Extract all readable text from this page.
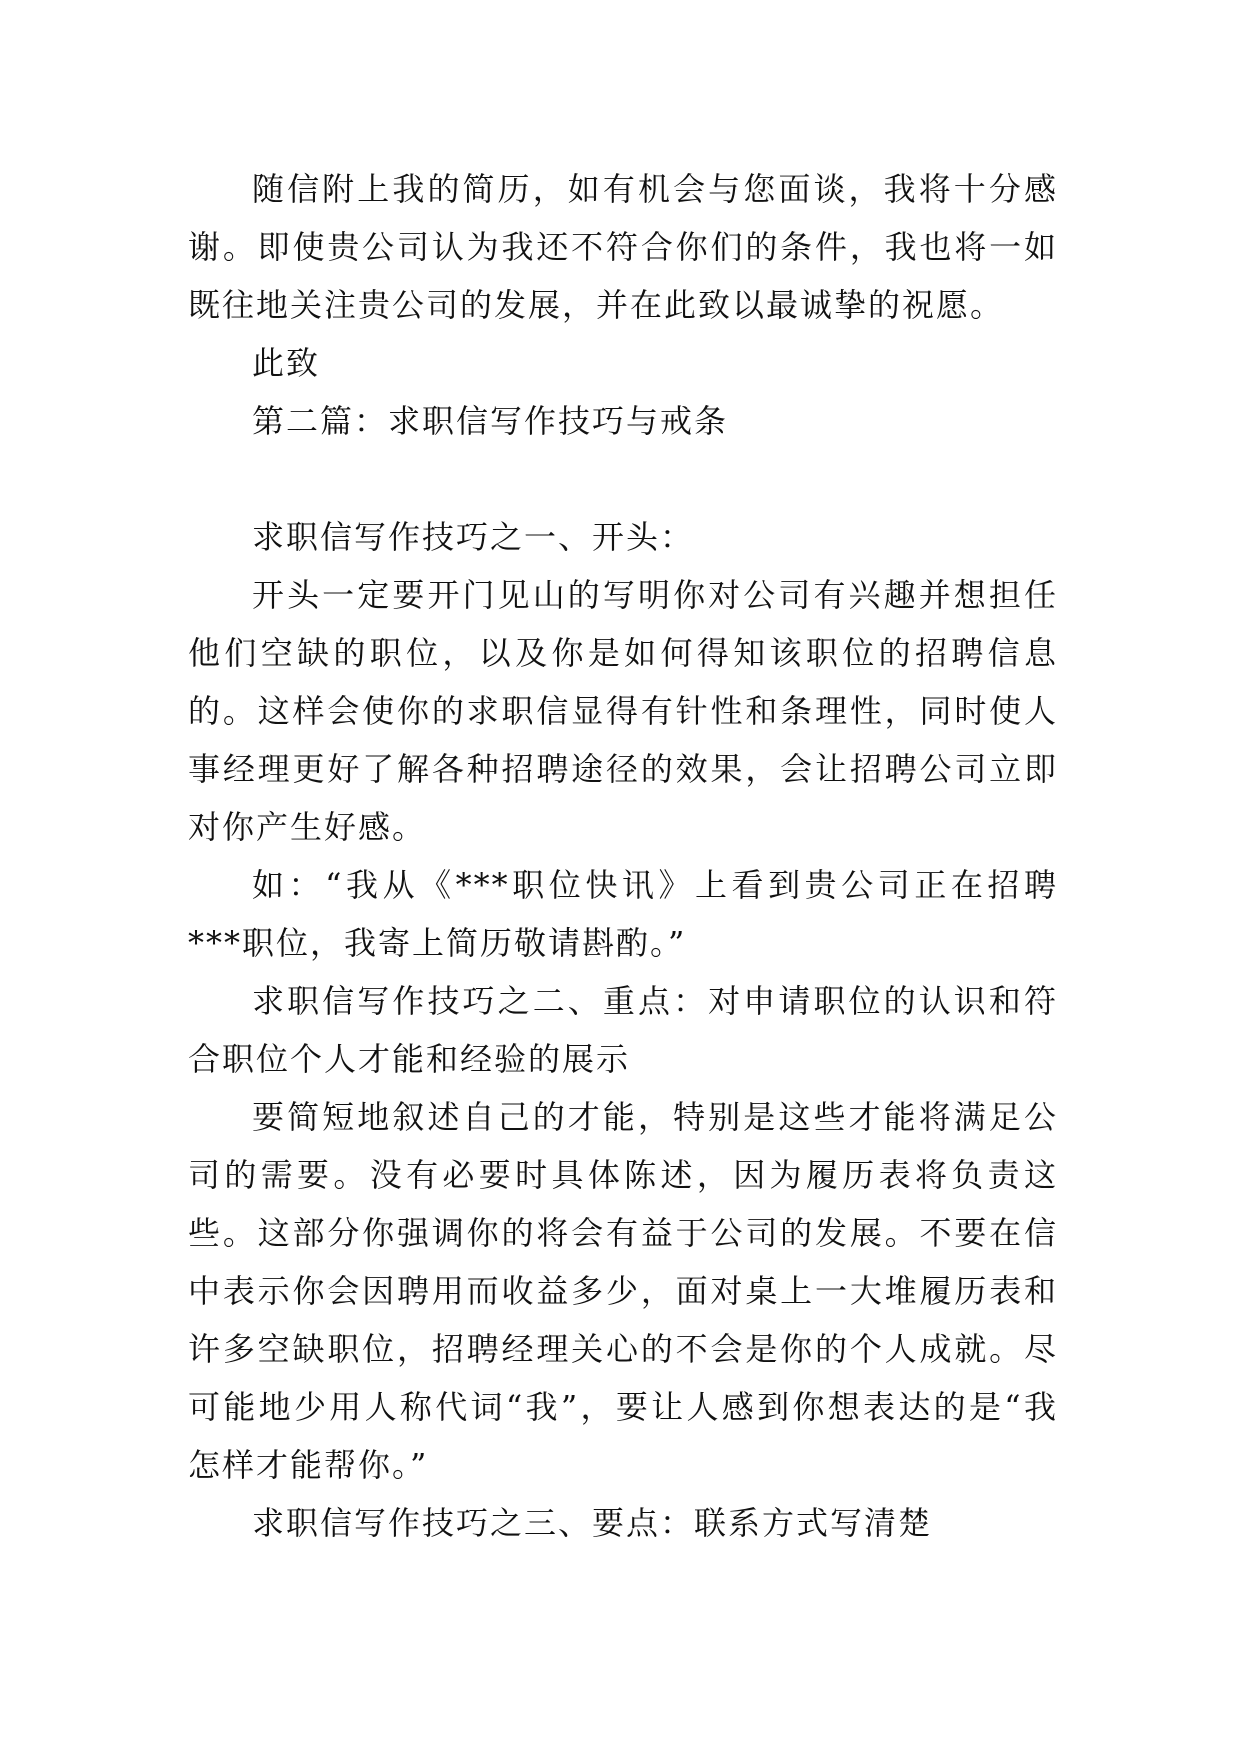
随信附上我的简历，如有机会与您面谈，我将十分感谢。即使贵公司认为我还不符合你们的条件，我也将一如既往地关注贵公司的发展，并在此致以最诚挚的祝愿。

此致

第二篇：求职信写作技巧与戒条

求职信写作技巧之一、开头：

开头一定要开门见山的写明你对公司有兴趣并想担任他们空缺的职位，以及你是如何得知该职位的招聘信息的。这样会使你的求职信显得有针性和条理性，同时使人事经理更好了解各种招聘途径的效果，会让招聘公司立即对你产生好感。

如：“我从《***职位快讯》上看到贵公司正在招聘***职位，我寄上简历敬请斟酌。”

求职信写作技巧之二、重点：对申请职位的认识和符合职位个人才能和经验的展示

要简短地叙述自己的才能，特别是这些才能将满足公司的需要。没有必要时具体陈述，因为履历表将负责这些。这部分你强调你的将会有益于公司的发展。不要在信中表示你会因聘用而收益多少，面对桌上一大堆履历表和许多空缺职位，招聘经理关心的不会是你的个人成就。尽可能地少用人称代词“我”，要让人感到你想表达的是“我怎样才能帮你。”

求职信写作技巧之三、要点：联系方式写清楚
